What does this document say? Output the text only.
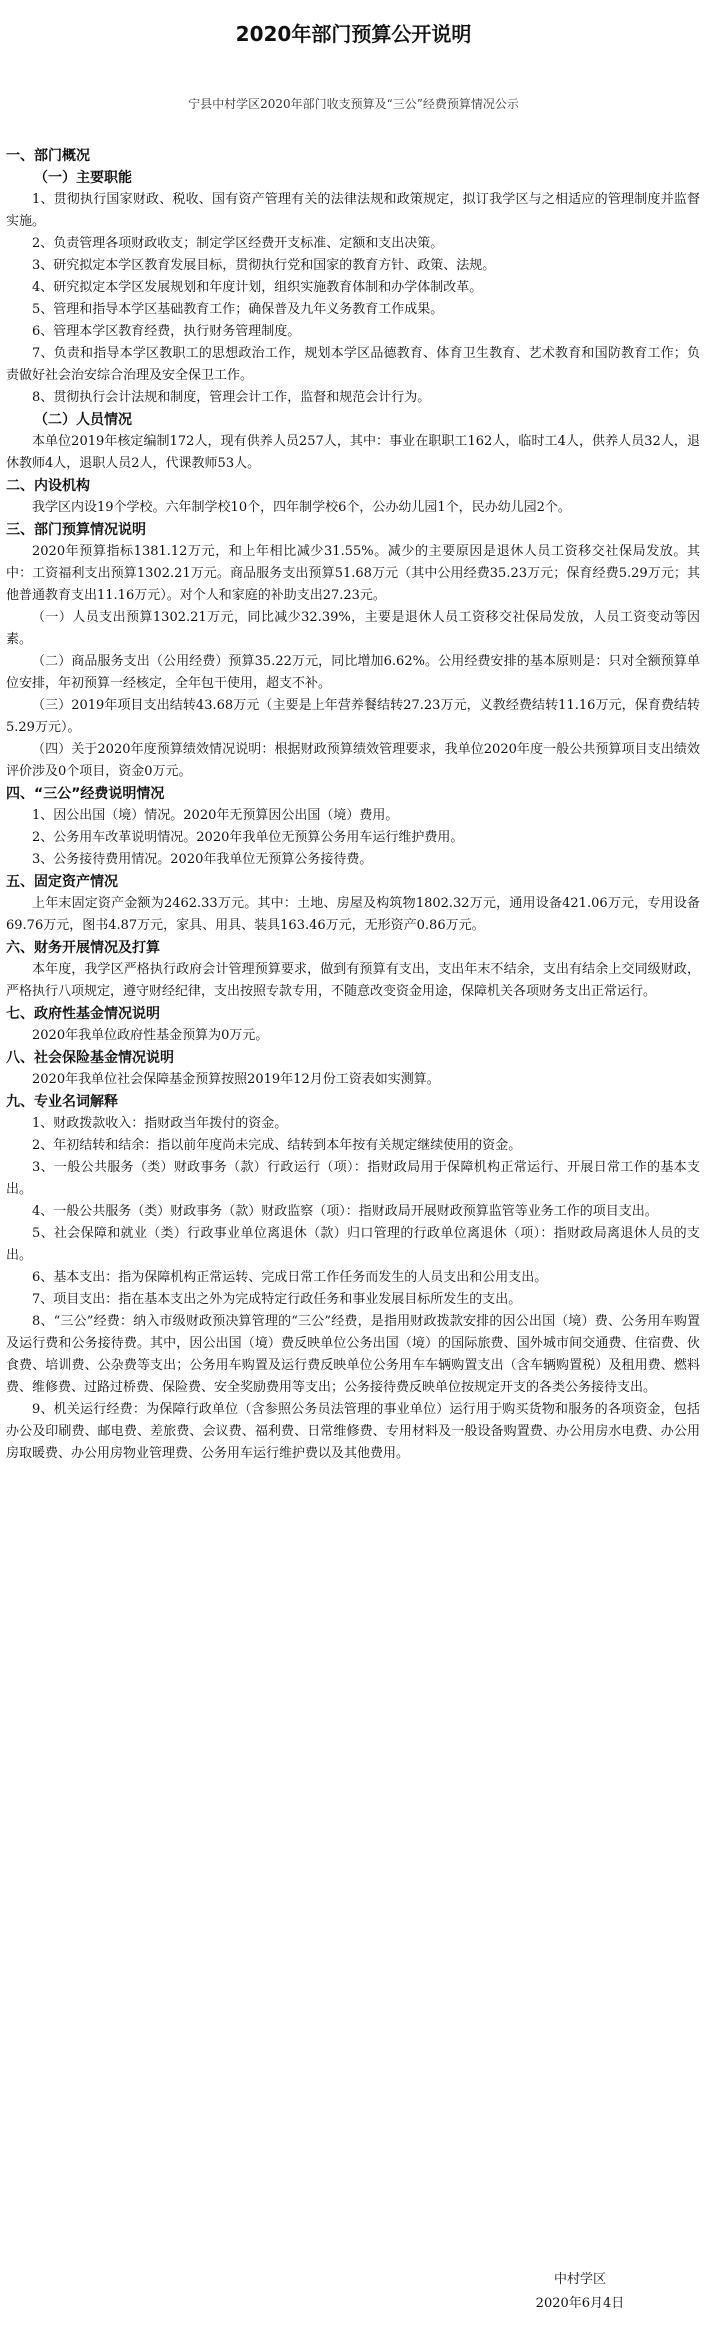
2020年部门预算公开说明
宁县中村学区2020年部门收支预算及“三公”经费预算情况公示

一、部门概况

（一）主要职能

1、贯彻执行国家财政、税收、国有资产管理有关的法律法规和政策规定，拟订我学区与之相适应的管理制度并监督实施。

2、负责管理各项财政收支；制定学区经费开支标准、定额和支出决策。

3、研究拟定本学区教育发展目标，贯彻执行党和国家的教育方针、政策、法规。

4、研究拟定本学区发展规划和年度计划，组织实施教育体制和办学体制改革。

5、管理和指导本学区基础教育工作；确保普及九年义务教育工作成果。

6、管理本学区教育经费，执行财务管理制度。

7、负责和指导本学区教职工的思想政治工作，规划本学区品德教育、体育卫生教育、艺术教育和国防教育工作；负责做好社会治安综合治理及安全保卫工作。

8、贯彻执行会计法规和制度，管理会计工作，监督和规范会计行为。

（二）人员情况

本单位2019年核定编制172人，现有供养人员257人，其中：事业在职职工162人，临时工4人，供养人员32人，退休教师4人，退职人员2人，代课教师53人。

二、内设机构

我学区内设19个学校。六年制学校10个，四年制学校6个，公办幼儿园1个，民办幼儿园2个。

三、部门预算情况说明

2020年预算指标1381.12万元，和上年相比减少31.55%。减少的主要原因是退休人员工资移交社保局发放。其中：工资福利支出预算1302.21万元。商品服务支出预算51.68万元（其中公用经费35.23万元；保育经费5.29万元；其他普通教育支出11.16万元）。对个人和家庭的补助支出27.23元。

（一）人员支出预算1302.21万元，同比减少32.39%，主要是退休人员工资移交社保局发放，人员工资变动等因素。

（二）商品服务支出（公用经费）预算35.22万元，同比增加6.62%。公用经费安排的基本原则是：只对全额预算单位安排，年初预算一经核定，全年包干使用，超支不补。

（三）2019年项目支出结转43.68万元（主要是上年营养餐结转27.23万元，义教经费结转11.16万元，保育费结转5.29万元）。

（四）关于2020年度预算绩效情况说明：根据财政预算绩效管理要求，我单位2020年度一般公共预算项目支出绩效评价涉及0个项目，资金0万元。

四、“三公”经费说明情况

1、因公出国（境）情况。2020年无预算因公出国（境）费用。

2、公务用车改革说明情况。2020年我单位无预算公务用车运行维护费用。

3、公务接待费用情况。2020年我单位无预算公务接待费。

五、固定资产情况

上年末固定资产金额为2462.33万元。其中：土地、房屋及构筑物1802.32万元，通用设备421.06万元，专用设备69.76万元，图书4.87万元，家具、用具、装具163.46万元，无形资产0.86万元。

六、财务开展情况及打算

本年度，我学区严格执行政府会计管理预算要求，做到有预算有支出，支出年末不结余，支出有结余上交同级财政，严格执行八项规定，遵守财经纪律，支出按照专款专用，不随意改变资金用途，保障机关各项财务支出正常运行。

七、政府性基金情况说明

2020年我单位政府性基金预算为0万元。

八、社会保险基金情况说明

2020年我单位社会保障基金预算按照2019年12月份工资表如实测算。

九、专业名词解释

1、财政拨款收入：指财政当年拨付的资金。

2、年初结转和结余：指以前年度尚未完成、结转到本年按有关规定继续使用的资金。

3、一般公共服务（类）财政事务（款）行政运行（项）：指财政局用于保障机构正常运行、开展日常工作的基本支出。

4、一般公共服务（类）财政事务（款）财政监察（项）：指财政局开展财政预算监管等业务工作的项目支出。

5、社会保障和就业（类）行政事业单位离退休（款）归口管理的行政单位离退休（项）：指财政局离退休人员的支出。

6、基本支出：指为保障机构正常运转、完成日常工作任务而发生的人员支出和公用支出。

7、项目支出：指在基本支出之外为完成特定行政任务和事业发展目标所发生的支出。

8、“三公”经费：纳入市级财政预决算管理的“三公”经费，是指用财政拨款安排的因公出国（境）费、公务用车购置及运行费和公务接待费。其中，因公出国（境）费反映单位公务出国（境）的国际旅费、国外城市间交通费、住宿费、伙食费、培训费、公杂费等支出；公务用车购置及运行费反映单位公务用车车辆购置支出（含车辆购置税）及租用费、燃料费、维修费、过路过桥费、保险费、安全奖励费用等支出；公务接待费反映单位按规定开支的各类公务接待支出。

9、机关运行经费：为保障行政单位（含参照公务员法管理的事业单位）运行用于购买货物和服务的各项资金，包括办公及印刷费、邮电费、差旅费、会议费、福利费、日常维修费、专用材料及一般设备购置费、办公用房水电费、办公用房取暖费、办公用房物业管理费、公务用车运行维护费以及其他费用。

中村学区
2020年6月4日
